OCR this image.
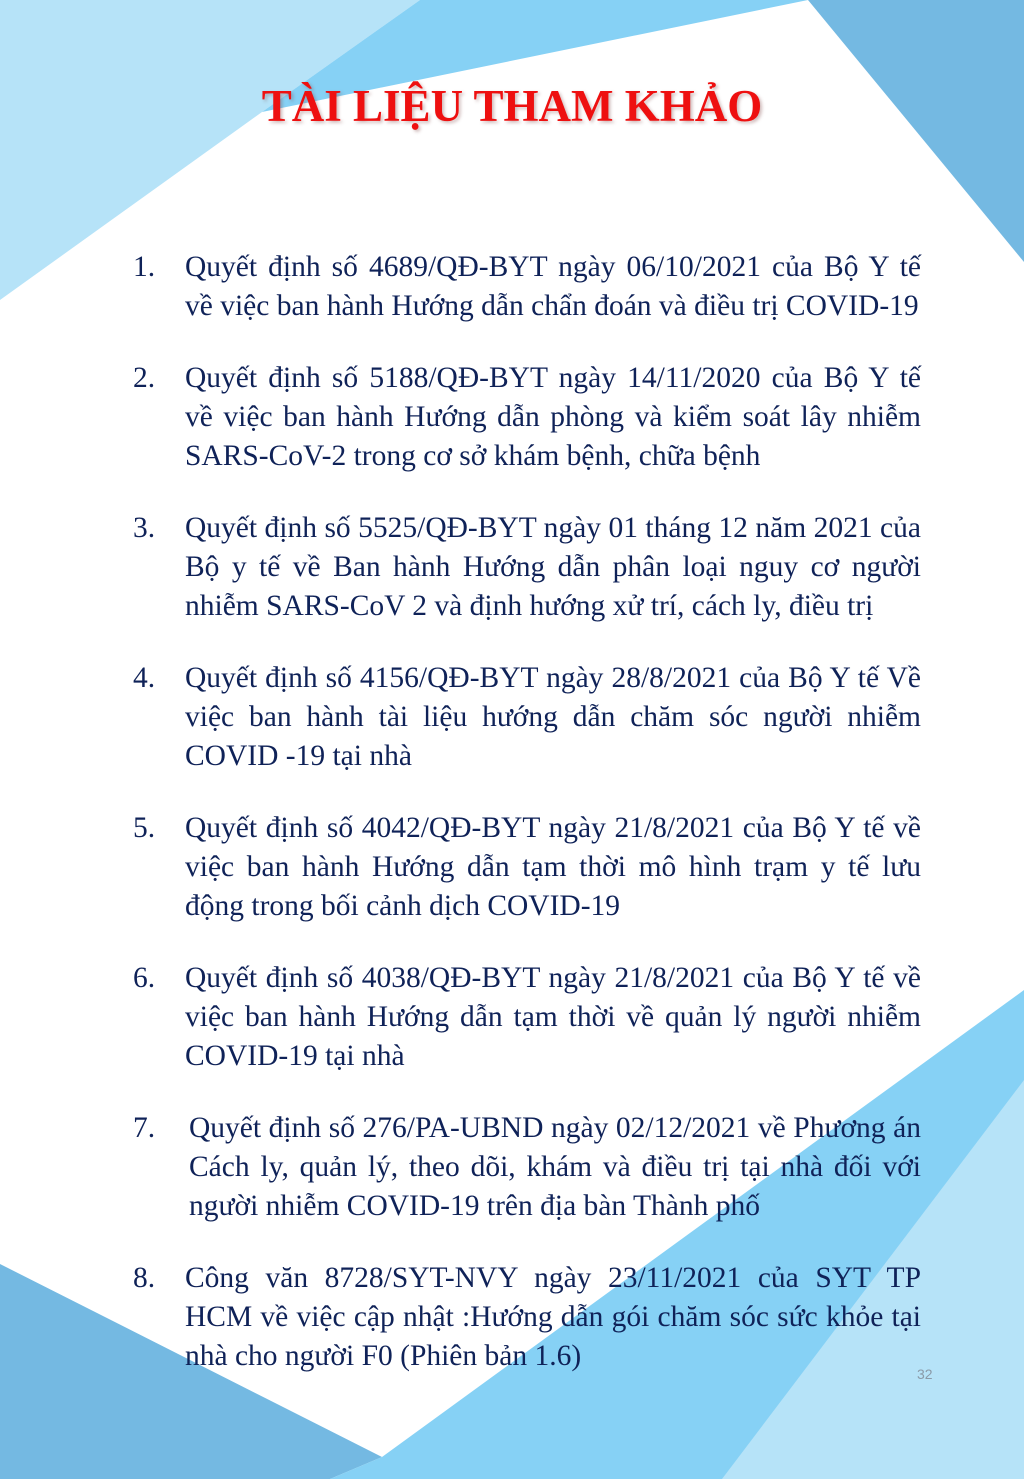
TÀI LIỆU THAM KHẢO
1. Quyết định số 4689/QĐ-BYT ngày 06/10/2021 của Bộ Y tế về việc ban hành Hướng dẫn chẩn đoán và điều trị COVID-19
2. Quyết định số 5188/QĐ-BYT ngày 14/11/2020 của Bộ Y tế về việc ban hành Hướng dẫn phòng và kiểm soát lây nhiễm SARS-CoV-2 trong cơ sở khám bệnh, chữa bệnh
3. Quyết định số 5525/QĐ-BYT ngày 01 tháng 12 năm 2021 của Bộ y tế về Ban hành Hướng dẫn phân loại nguy cơ người nhiễm SARS-CoV 2 và định hướng xử trí, cách ly, điều trị
4. Quyết định số 4156/QĐ-BYT ngày 28/8/2021 của Bộ Y tế Về việc ban hành tài liệu hướng dẫn chăm sóc người nhiễm COVID -19 tại nhà
5. Quyết định số 4042/QĐ-BYT ngày 21/8/2021 của Bộ Y tế về việc ban hành Hướng dẫn tạm thời mô hình trạm y tế lưu động trong bối cảnh dịch COVID-19
6. Quyết định số 4038/QĐ-BYT ngày 21/8/2021 của Bộ Y tế về việc ban hành Hướng dẫn tạm thời về quản lý người nhiễm COVID-19 tại nhà
7. Quyết định số 276/PA-UBND ngày 02/12/2021 về Phương án Cách ly, quản lý, theo dõi, khám và điều trị tại nhà đối với người nhiễm COVID-19 trên địa bàn Thành phố
8. Công văn 8728/SYT-NVY ngày 23/11/2021 của SYT TP HCM về việc cập nhật :Hướng dẫn gói chăm sóc sức khỏe tại nhà cho người F0 (Phiên bản 1.6)
32
